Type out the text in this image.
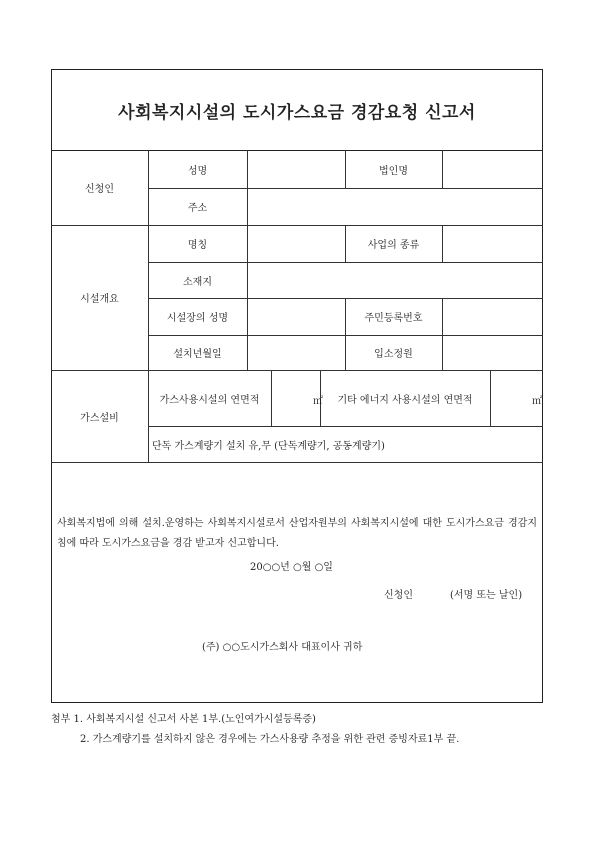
사회복지시설의 도시가스요금 경감요청 신고서
신청인
성명	법인명
주소
시설개요
명칭	사업의 종류
소재지
시설장의 성명	주민등록번호
설치년월일	입소정원
가스설비
가스사용시설의 연면적	㎡	기타 에너지 사용시설의 연면적	㎡
단독 가스계량기 설치 유,무 (단독계량기, 공동계량기)
사회복지법에 의해 설치.운영하는 사회복지시설로서 산업자원부의 사회복지시설에 대한 도시가스요금 경감지침에 따라 도시가스요금을 경감 받고자 신고합니다.
20○○년 ○월 ○일
신청인	(서명 또는 날인)
(주) ○○도시가스회사 대표이사 귀하
첨부 1. 사회복지시설 신고서 사본 1부.(노인여가시설등록증)
2. 가스계량기를 설치하지 않은 경우에는 가스사용량 추정을 위한 관련 증빙자료1부 끝.
